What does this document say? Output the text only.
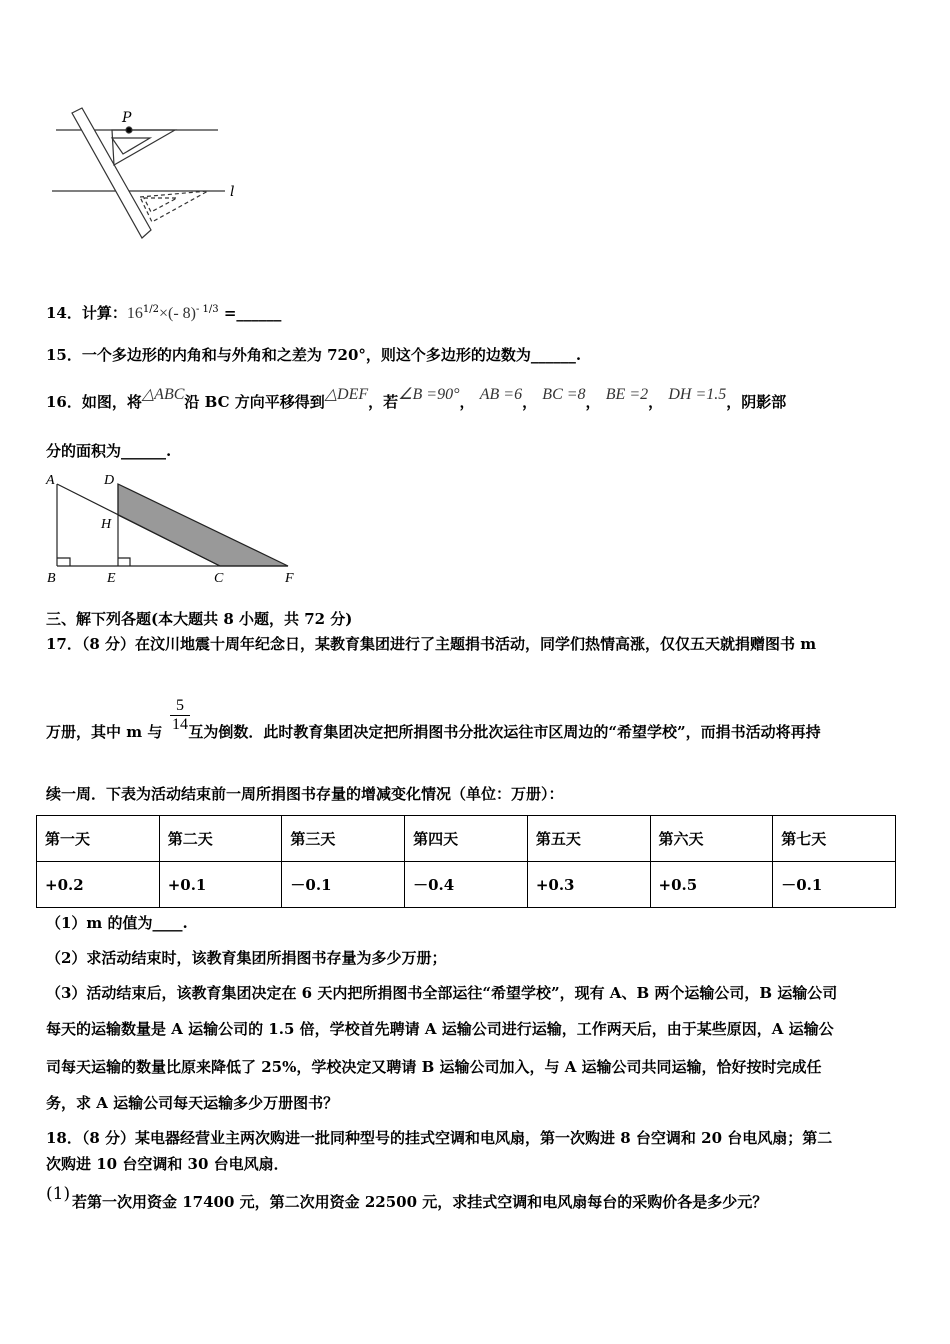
P
l
A	D
H
B	E	C	F
14．计算：$16^{1/2}\times(-$ 8)$^{- 1/3}$ =______
15．一个多边形的内角和与外角和之差为 720°，则这个多边形的边数为______.
16．如图，将△ABC沿 BC 方向平移得到△DEF，若∠B =90°， AB =6， BC =8， BE =2， DH =1.5，阴影部
分的面积为______.
三、解下列各题(本大题共 8 小题，共 72 分)
17．（8 分）在汶川地震十周年纪念日，某教育集团进行了主题捐书活动，同学们热情高涨，仅仅五天就捐赠图书 m
$\frac{5}{14}$
万册，其中 m 与 互为倒数．此时教育集团决定把所捐图书分批次运往市区周边的“希望学校”，而捐书活动将再持
续一周．下表为活动结束前一周所捐图书存量的增减变化情况（单位：万册）：
第一天	第二天	第三天	第四天	第五天	第六天	第七天
+0.2	+0.1	－0.1	－0.4	+0.3	+0.5	－0.1
（1）m 的值为____.
（2）求活动结束时，该教育集团所捐图书存量为多少万册；
（3）活动结束后，该教育集团决定在 6 天内把所捐图书全部运往“希望学校”，现有 A、B 两个运输公司，B 运输公司
每天的运输数量是 A 运输公司的 1.5 倍，学校首先聘请 A 运输公司进行运输，工作两天后，由于某些原因，A 运输公
司每天运输的数量比原来降低了 25%，学校决定又聘请 B 运输公司加入，与 A 运输公司共同运输，恰好按时完成任
务，求 A 运输公司每天运输多少万册图书？
18．（8 分）某电器经营业主两次购进一批同种型号的挂式空调和电风扇，第一次购进 8 台空调和 20 台电风扇；第二
次购进 10 台空调和 30 台电风扇．
(1) 若第一次用资金 17400 元，第二次用资金 22500 元，求挂式空调和电风扇每台的采购价各是多少元？
